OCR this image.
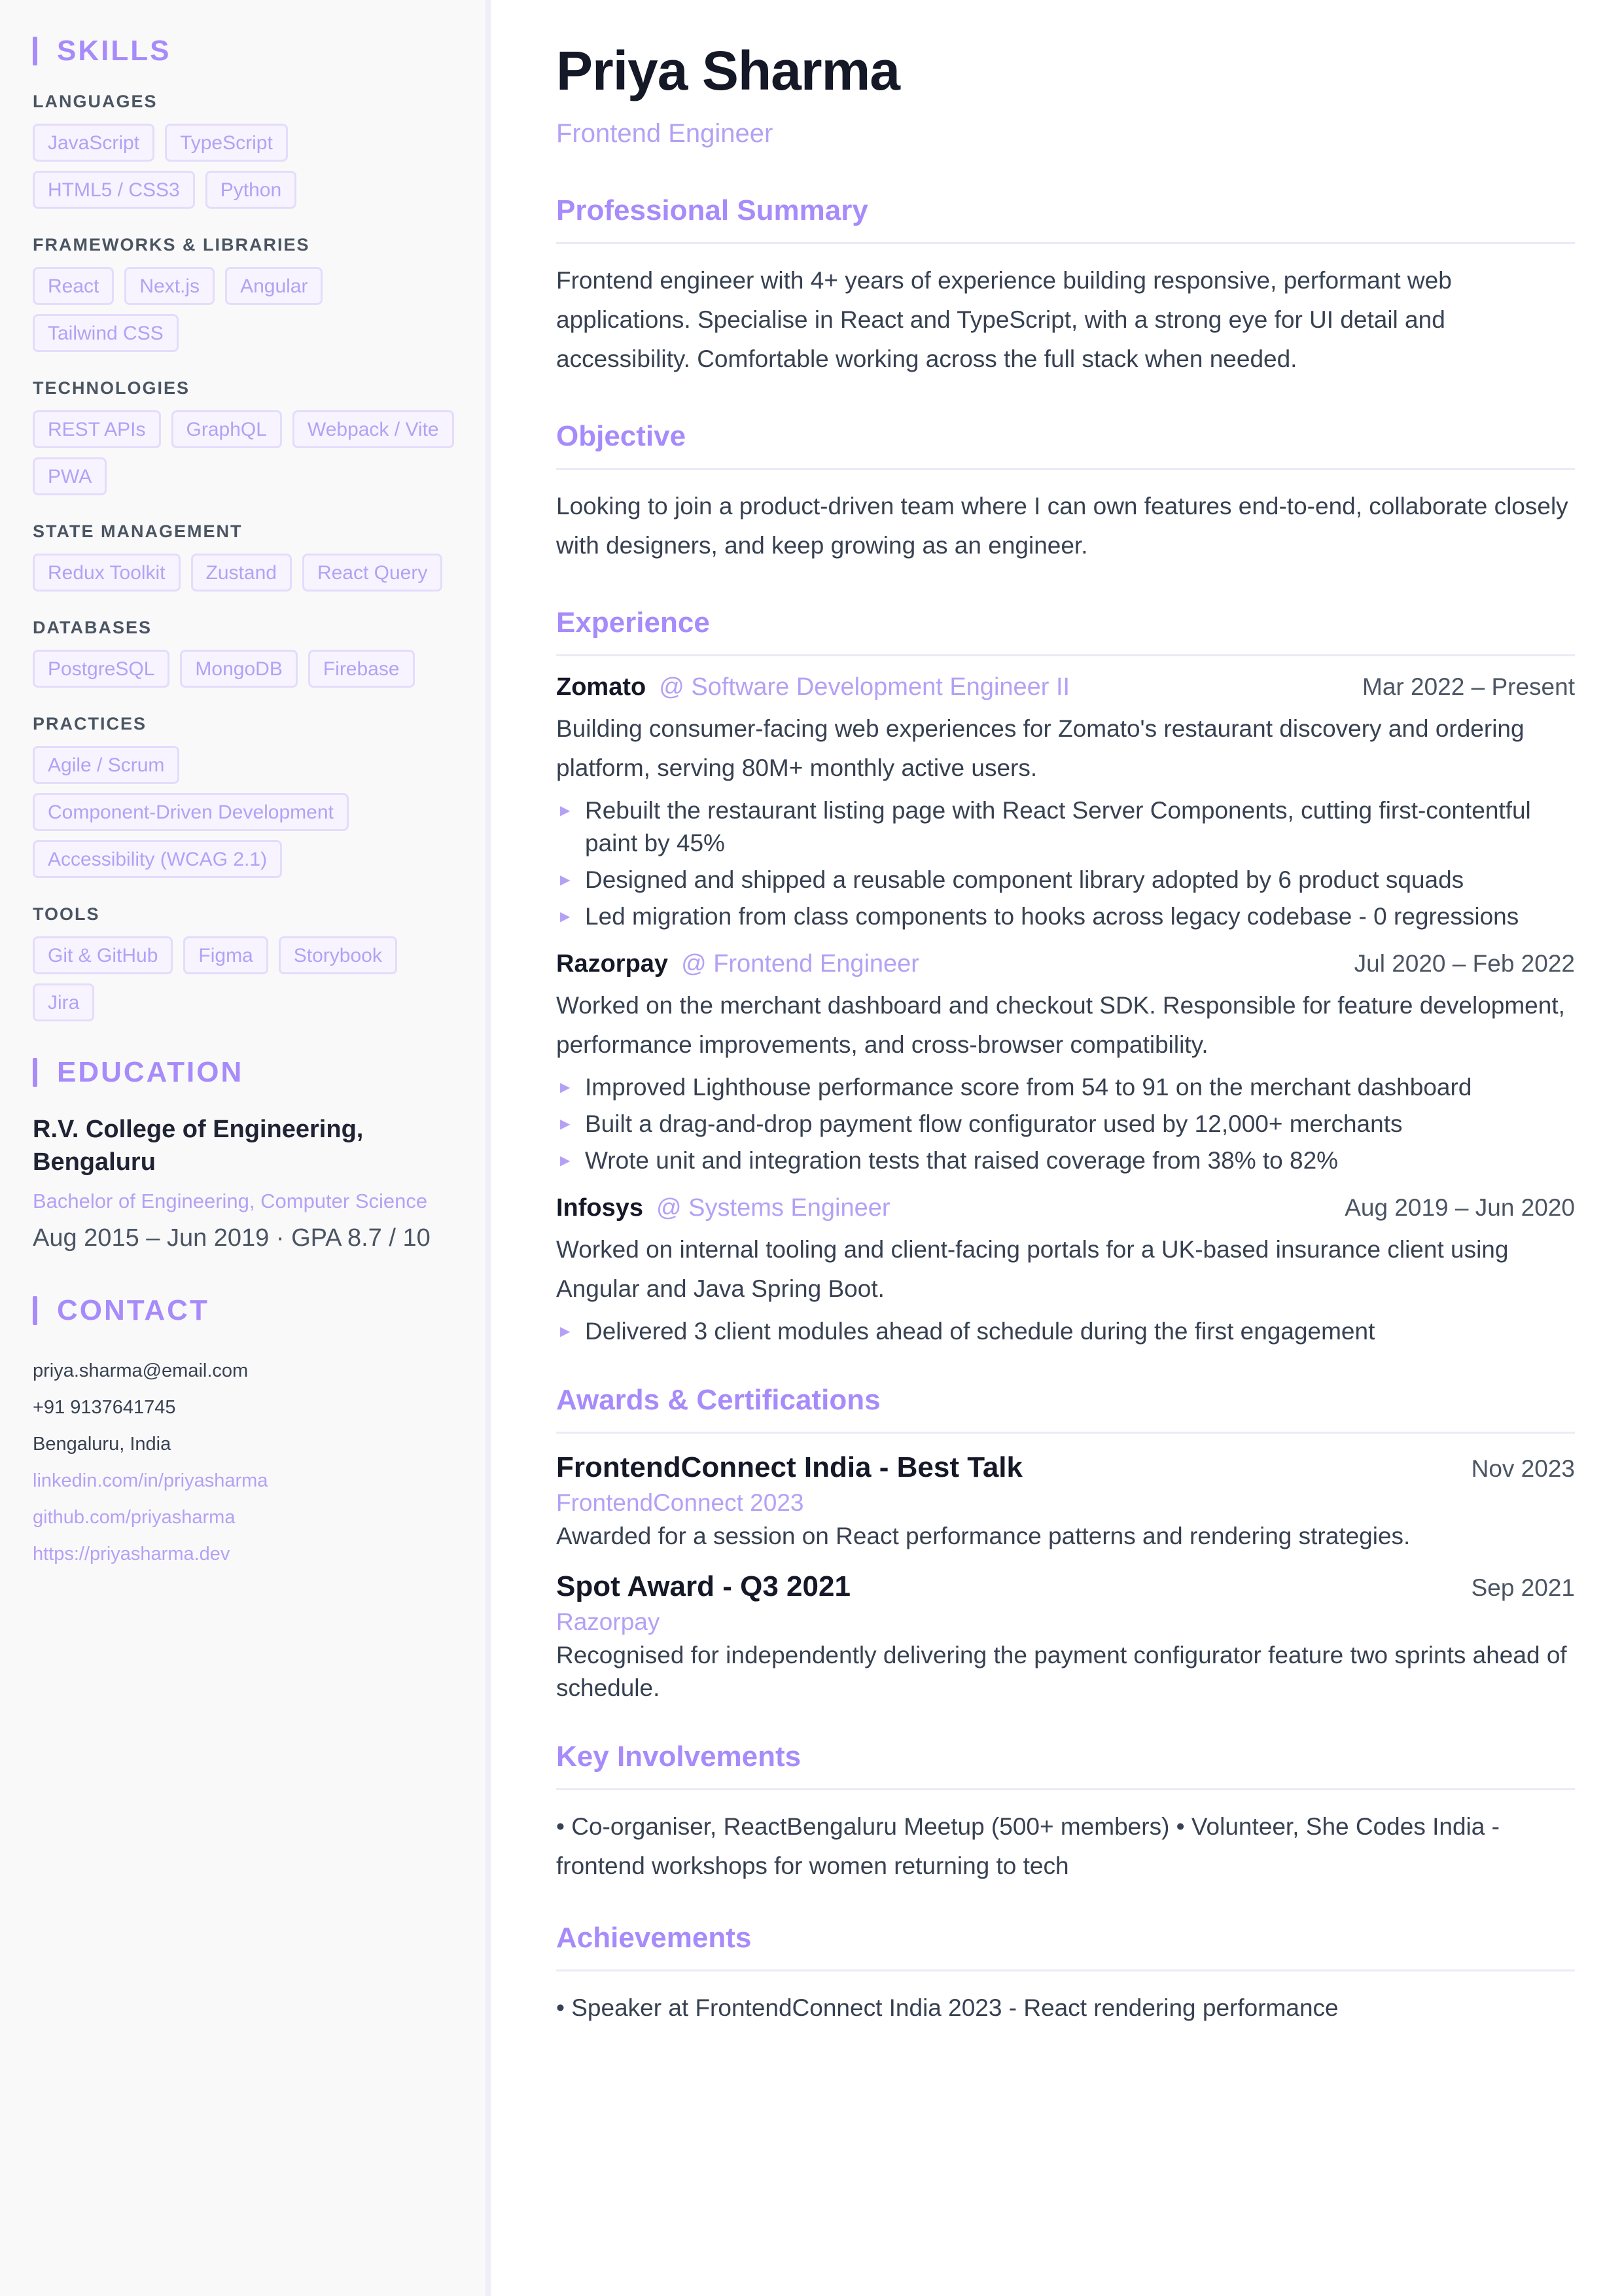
SKILLS
LANGUAGES
JavaScript	TypeScript
HTML5 / CSS3	Python
FRAMEWORKS & LIBRARIES
React	Next.js	Angular
Tailwind CSS
TECHNOLOGIES
REST APIs	GraphQL	Webpack / Vite
PWA
STATE MANAGEMENT
Redux Toolkit	Zustand	React Query
DATABASES
PostgreSQL	MongoDB	Firebase
PRACTICES
Agile / Scrum
Component-Driven Development
Accessibility (WCAG 2.1)
TOOLS
Git & GitHub	Figma	Storybook
Jira
EDUCATION
R.V. College of Engineering, Bengaluru
Bachelor of Engineering, Computer Science
Aug 2015 – Jun 2019 · GPA 8.7 / 10
CONTACT
priya.sharma@email.com
+91 9137641745
Bengaluru, India
linkedin.com/in/priyasharma
github.com/priyasharma
https://priyasharma.dev
Priya Sharma
Frontend Engineer
Professional Summary
Frontend engineer with 4+ years of experience building responsive, performant web applications. Specialise in React and TypeScript, with a strong eye for UI detail and accessibility. Comfortable working across the full stack when needed.
Objective
Looking to join a product-driven team where I can own features end-to-end, collaborate closely with designers, and keep growing as an engineer.
Experience
Zomato @ Software Development Engineer II	Mar 2022 – Present
Building consumer-facing web experiences for Zomato's restaurant discovery and ordering platform, serving 80M+ monthly active users.
▶ Rebuilt the restaurant listing page with React Server Components, cutting first-contentful paint by 45%
▶ Designed and shipped a reusable component library adopted by 6 product squads
▶ Led migration from class components to hooks across legacy codebase - 0 regressions
Razorpay @ Frontend Engineer	Jul 2020 – Feb 2022
Worked on the merchant dashboard and checkout SDK. Responsible for feature development, performance improvements, and cross-browser compatibility.
▶ Improved Lighthouse performance score from 54 to 91 on the merchant dashboard
▶ Built a drag-and-drop payment flow configurator used by 12,000+ merchants
▶ Wrote unit and integration tests that raised coverage from 38% to 82%
Infosys @ Systems Engineer	Aug 2019 – Jun 2020
Worked on internal tooling and client-facing portals for a UK-based insurance client using Angular and Java Spring Boot.
▶ Delivered 3 client modules ahead of schedule during the first engagement
Awards & Certifications
FrontendConnect India - Best Talk	Nov 2023
FrontendConnect 2023
Awarded for a session on React performance patterns and rendering strategies.
Spot Award - Q3 2021	Sep 2021
Razorpay
Recognised for independently delivering the payment configurator feature two sprints ahead of schedule.
Key Involvements
• Co-organiser, ReactBengaluru Meetup (500+ members) • Volunteer, She Codes India - frontend workshops for women returning to tech
Achievements
• Speaker at FrontendConnect India 2023 - React rendering performance
